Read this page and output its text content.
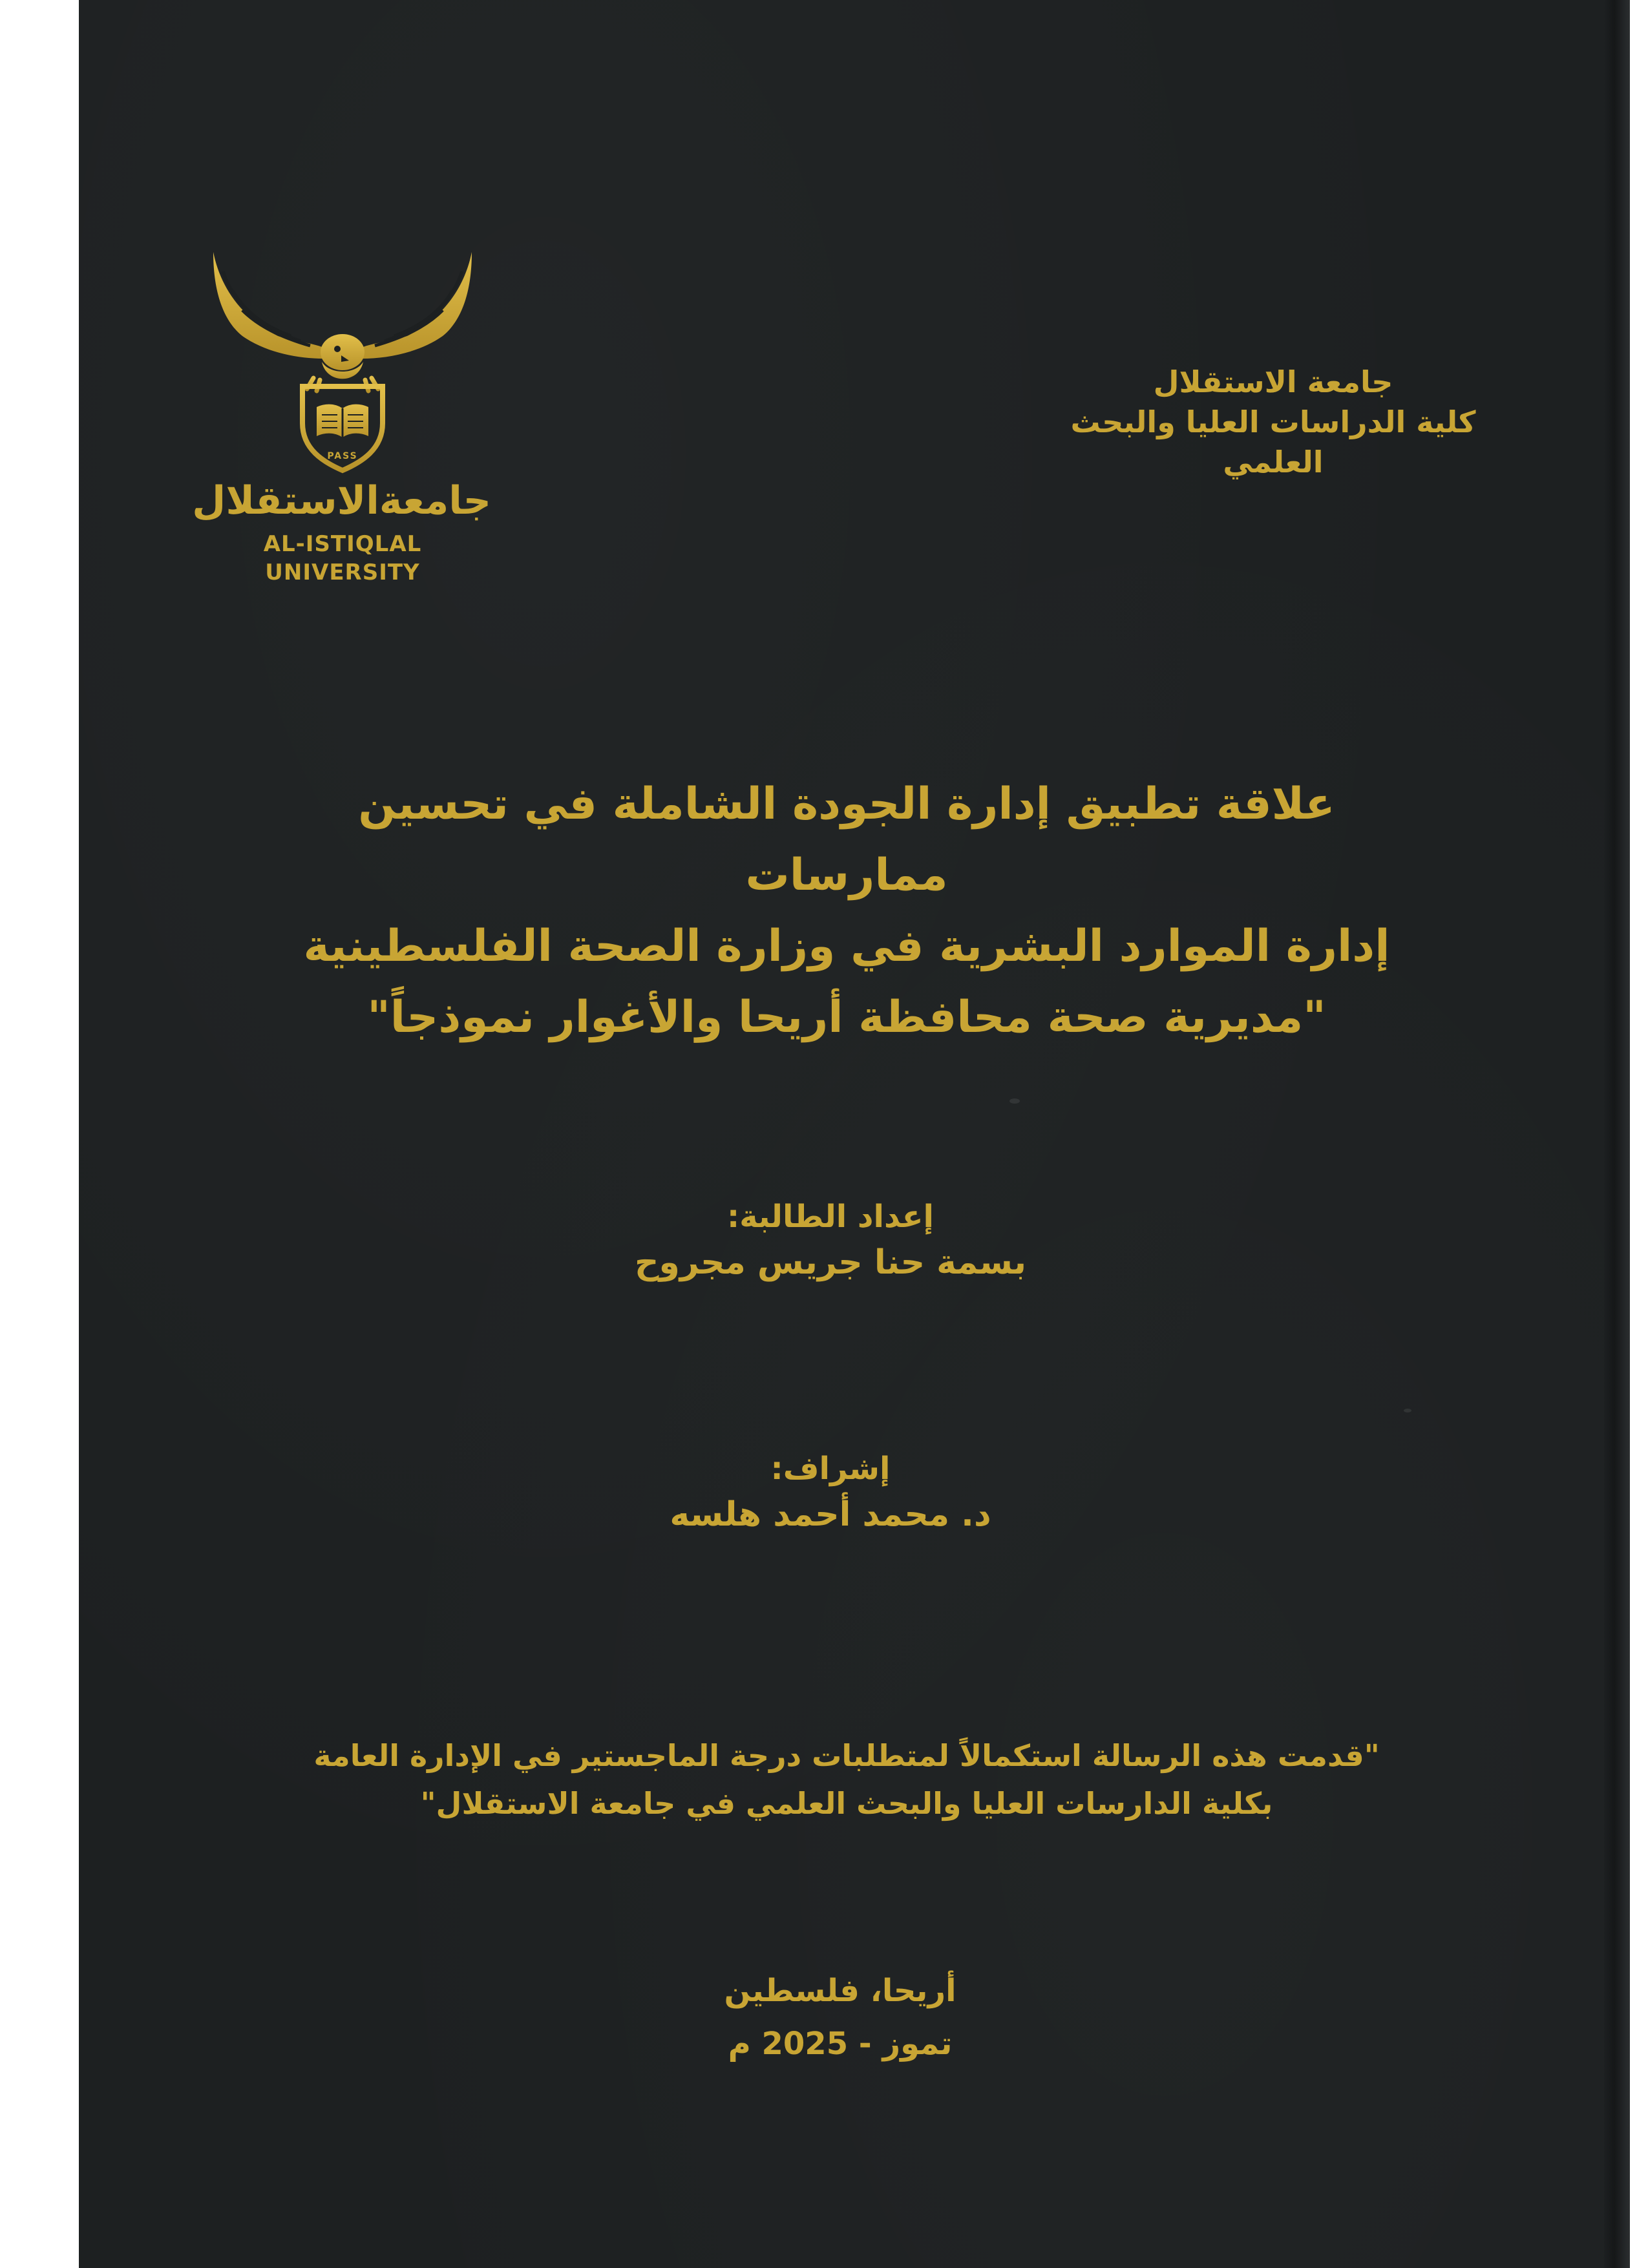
PASS
جامعةالاستقلال
AL-ISTIQLAL UNIVERSITY
جامعة الاستقلال
كلية الدراسات العليا والبحث العلمي
علاقة تطبيق إدارة الجودة الشاملة في تحسين ممارسات
إدارة الموارد البشرية في وزارة الصحة الفلسطينية
"مديرية صحة محافظة أريحا والأغوار نموذجاً"
إعداد الطالبة:
بسمة حنا جريس مجروح
إشراف:
د. محمد أحمد هلسه
"قدمت هذه الرسالة استكمالاً لمتطلبات درجة الماجستير في الإدارة العامة
بكلية الدارسات العليا والبحث العلمي في جامعة الاستقلال"
أريحا، فلسطين
تموز - 2025 م
